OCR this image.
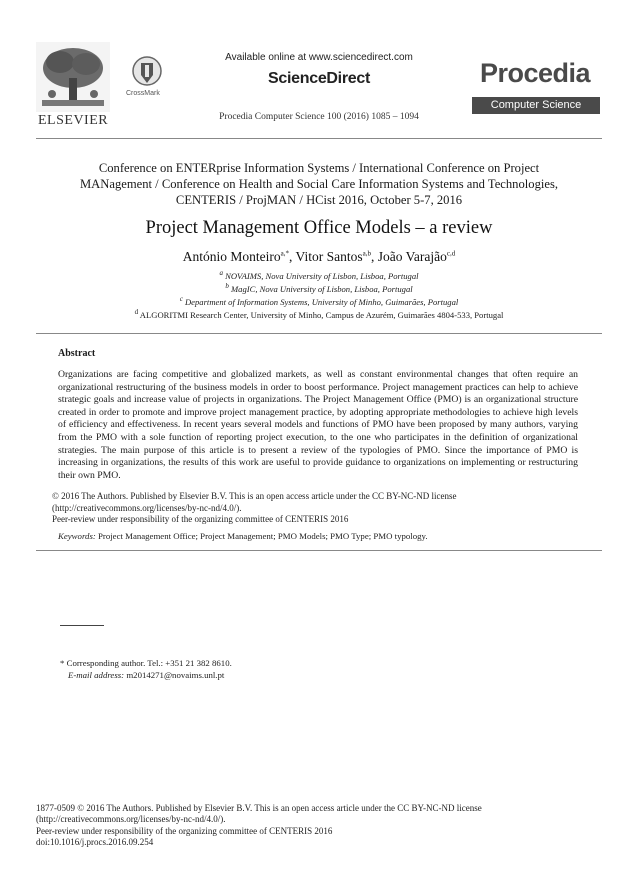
ELSEVIER
CrossMark
Available online at www.sciencedirect.com
ScienceDirect
Procedia Computer Science 100 (2016) 1085 – 1094
Procedia
Computer Science
Conference on ENTERprise Information Systems / International Conference on Project
MANagement / Conference on Health and Social Care Information Systems and Technologies,
CENTERIS / ProjMAN / HCist 2016, October 5-7, 2016
Project Management Office Models – a review
António Monteiro$^{a,*}$, Vitor Santos$^{a,b}$, João Varajão$^{c,d}$
$^a$ NOVAIMS, Nova University of Lisbon, Lisboa, Portugal
$^b$ MagIC, Nova University of Lisbon, Lisboa, Portugal
$^c$ Department of Information Systems, University of Minho, Guimarães, Portugal
$^d$ ALGORITMI Research Center, University of Minho, Campus de Azurém, Guimarães 4804-533, Portugal
Abstract
Organizations are facing competitive and globalized markets, as well as constant environmental changes that often require an organizational restructuring of the business models in order to boost performance. Project management practices can help to achieve strategic goals and increase value of projects in organizations. The Project Management Office (PMO) is an organizational structure created in order to promote and improve project management practice, by adopting appropriate methodologies to achieve high levels of efficiency and effectiveness. In recent years several models and functions of PMO have been proposed by many authors, varying from the PMO with a sole function of reporting project execution, to the one who participates in the definition of organizational strategies. The main purpose of this article is to present a review of the typologies of PMO. Since the importance of PMO is increasing in organizations, the results of this work are useful to provide guidance to organizations on implementing or restructuring their own PMO.
© 2016 The Authors. Published by Elsevier B.V. This is an open access article under the CC BY-NC-ND license
(http://creativecommons.org/licenses/by-nc-nd/4.0/).
Peer-review under responsibility of the organizing committee of CENTERIS 2016
Keywords: Project Management Office; Project Management; PMO Models; PMO Type; PMO typology.
* Corresponding author. Tel.: +351 21 382 8610.
E-mail address: m2014271@novaims.unl.pt
1877-0509 © 2016 The Authors. Published by Elsevier B.V. This is an open access article under the CC BY-NC-ND license
(http://creativecommons.org/licenses/by-nc-nd/4.0/).
Peer-review under responsibility of the organizing committee of CENTERIS 2016
doi:10.1016/j.procs.2016.09.254
